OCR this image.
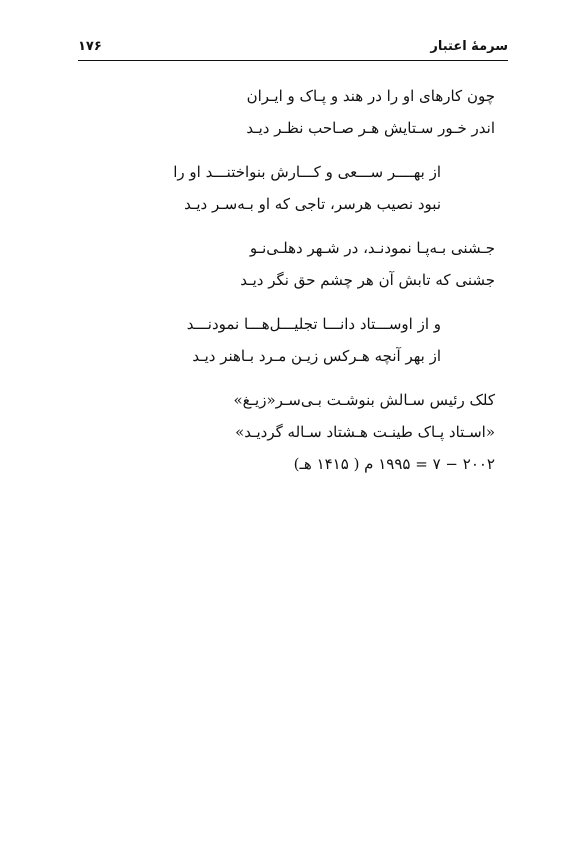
سرمهٔ اعتبار
۱۷۶
چون کارهای او را در هند و پـاک و ایـران
اندر خـور سـتایش هـر صـاحب نظـر دیـد
از بهــــر ســـعی و کـــارش بنواختنـــد او را
نبود نصیب هرسر، تاجی که او بـه‌سـر دیـد
جـشنی بـه‌پـا نمودنـد، در شـهر دهلـی‌نـو
جشنی که تابش آن هر چشم حق نگر دیـد
و از اوســـتاد دانـــا تجلیـــل‌هـــا نمودنـــد
از بهر آنچه هـرکس زیـن مـرد بـاهنر دیـد
کلک رئیس سـالش بنوشـت بـی‌سـر«زیـغ»
«اسـتاد پـاک طینـت هـشتاد سـاله گردیـد»
۲۰۰۲ − ۷ = ۱۹۹۵ م ( ۱۴۱۵ هـ)
